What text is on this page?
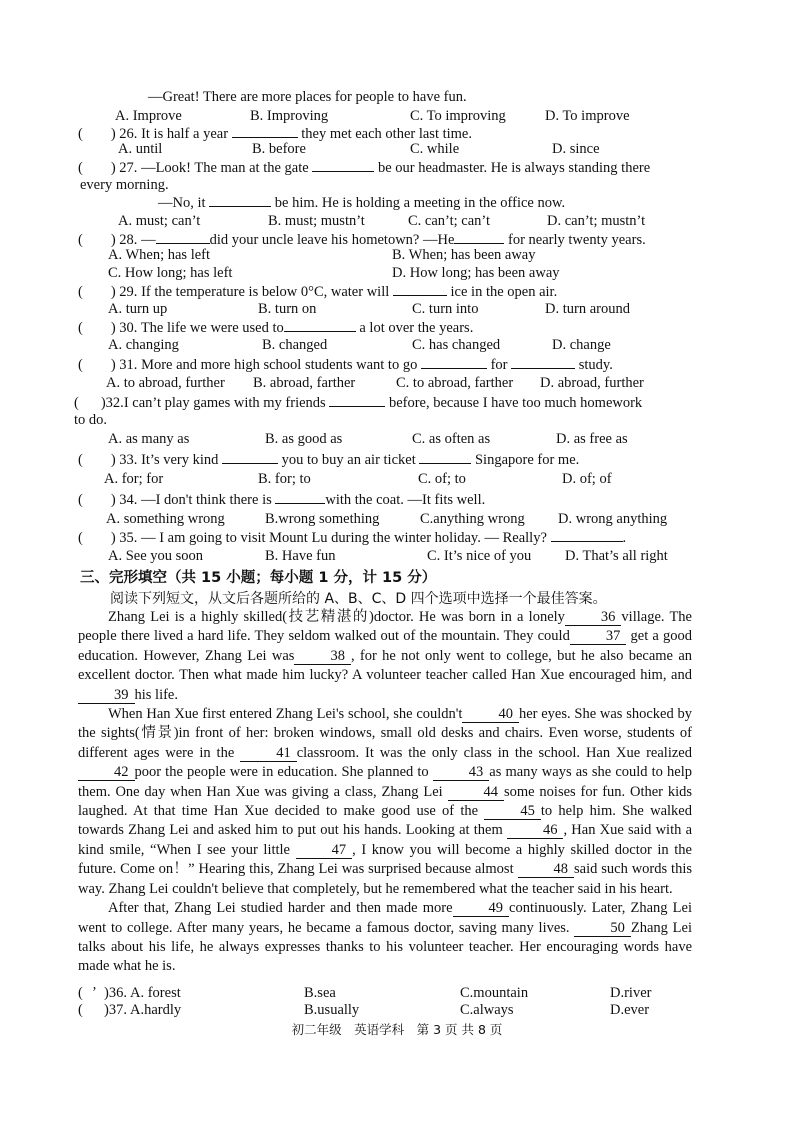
—Great! There are more places for people to have fun.
A. Improve	B. Improving	C. To improving	D. To improve
( ) 26. It is half a year	they met each other last time.
A. until	B. before	C. while	D. since
( ) 27. —Look! The man at the gate	be our headmaster. He is always standing there
every morning.
—No, it	be him. He is holding a meeting in the office now.
A. must; can’t	B. must; mustn’t	C. can’t; can’t	D. can’t; mustn’t
( ) 28. —	did your uncle leave his hometown? —He	for nearly twenty years.
A. When; has left	B. When; has been away
C. How long; has left	D. How long; has been away
( ) 29. If the temperature is below 0°C, water will	ice in the open air.
A. turn up	B. turn on	C. turn into	D. turn around
( ) 30. The life we were used to	a lot over the years.
A. changing	B. changed	C. has changed	D. change
( ) 31. More and more high school students want to go	for	study.
A. to abroad, further B. abroad, farther	C. to abroad, farther D. abroad, further
( )32.I can’t play games with my friends	before, because I have too much homework
to do.
A. as many as	B. as good as	C. as often as	D. as free as
( ) 33. It’s very kind	you to buy an air ticket	Singapore for me.
A. for; for	B. for; to	C. of; to	D. of; of
( ) 34. —I don't think there is	with the coat. —It fits well.
A. something wrong	B.wrong something	C.anything wrong D. wrong anything
( ) 35. — I am going to visit Mount Lu during the winter holiday. — Really?	.
A. See you soon	B. Have fun	C. It’s nice of you D. That’s all right
三、完形填空（共 15 小题；每小题 1 分，计 15 分）
阅读下列短文，从文后各题所给的 A、B、C、D 四个选项中选择一个最佳答案。

Zhang Lei is a highly skilled(技艺精湛的)doctor. He was born in a lonely 36 village. The people there lived a hard life. They seldom walked out of the mountain. They could 37 get a good education. However, Zhang Lei was 38 , for he not only went to college, but he also became an excellent doctor. Then what made him lucky? A volunteer teacher called Han Xue encouraged him, and39 his life.

When Han Xue first entered Zhang Lei's school, she couldn't 40 her eyes. She was shocked by the sights(情景)in front of her: broken windows, small old desks and chairs. Even worse, students of different ages were in the	41 classroom. It was the only class in the school. Han Xue realized 42 poor the people were in education. She planned to	43 as many ways as she could to help them. One day when Han Xue was giving a class, Zhang Lei	44 some noises for fun. Other kids laughed. At that time Han Xue decided to make good use of the	45 to help him. She walked towards Zhang Lei and asked him to put out his hands. Looking at them	46 , Han Xue said with a kind smile, “When I see your little	47 , I know you will become a highly skilled doctor in the future. Come on！” Hearing this, Zhang Lei was surprised because almost	48 said such words this way. Zhang Lei couldn't believe that completely, but he remembered what the teacher said in his heart.

After that, Zhang Lei studied harder and then made more 49 continuously. Later, Zhang Lei went to college. After many years, he became a famous doctor, saving many lives.	50 Zhang Lei talks about his life, he always expresses thanks to his volunteer teacher. Her encouraging words have made what he is.

( ʼ )36. A. forest	B.sea	C.mountain	D.river
( )37. A.hardly	B.usually	C.always	D.ever
初二年级　英语学科　第 3 页 共 8 页
